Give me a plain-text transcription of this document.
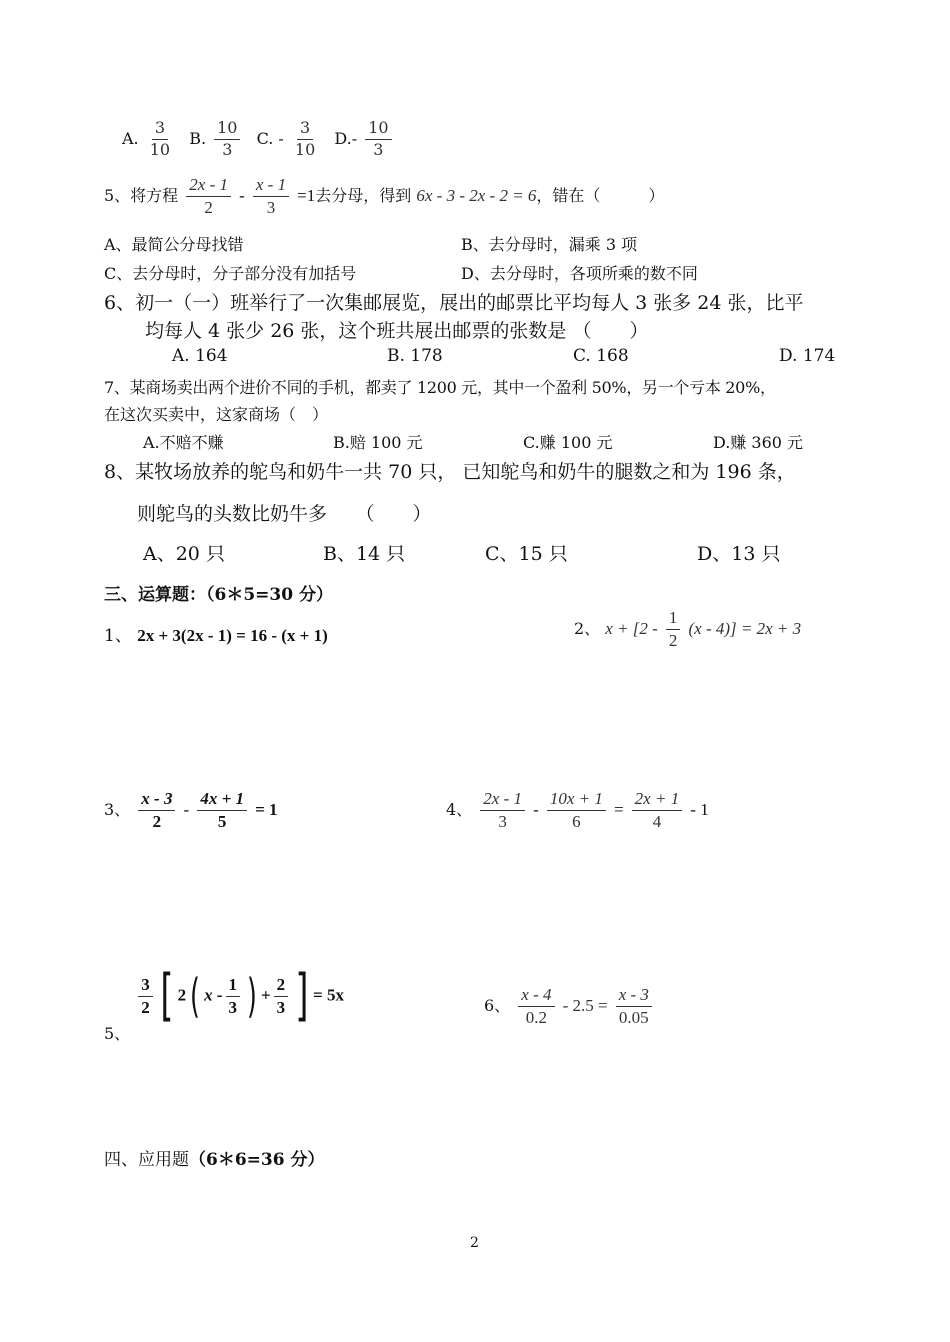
A. $\frac{3}{10} B$. $\frac{10}{3} C$. - $\frac{3}{10} D.- \frac{10}{3}$
5、将方程 $\frac{2x - 1}{2} - \frac{x - 1}{3} =1$去分母，得到 6x - 3 - 2x - 2 = 6，错在（　　　）
A、最简公分母找错	B、去分母时，漏乘 3 项
C、去分母时，分子部分没有加括号	D、去分母时，各项所乘的数不同
6、初一（一）班举行了一次集邮展览，展出的邮票比平均每人 3 张多 24 张，比平
均每人 4 张少 26 张，这个班共展出邮票的张数是 （　　）
A. 164	B. 178	C. 168	D. 174
7、某商场卖出两个进价不同的手机，都卖了 1200 元，其中一个盈利 50%，另一个亏本 20%，
在这次买卖中，这家商场（　）
A.不赔不赚	B.赔 100 元	C.赚 100 元	D.赚 360 元
8、某牧场放养的鸵鸟和奶牛一共 70 只， 已知鸵鸟和奶牛的腿数之和为 196 条，
则鸵鸟的头数比奶牛多　　（　　）
A、20 只	B、14 只	C、15 只	D、13 只
三、运算题：（6＊5=30 分）
1、 2x + 3(2x - 1) = 16 - (x + 1)	2、 $x + [2 - \frac{1}{2} (x - 4)] = 2x + 3$
3、 $\frac{x - 3}{2} - \frac{4x + 1}{5} = 1$	4、 $\frac{2x - 1}{3} - \frac{10x + 1}{6} = \frac{2x + 1}{4} - 1$
5、
$\frac{3}{2}$ [ 2( x - $\frac{1}{3}$ ) + $\frac{2}{3}$ ] = 5x
6、 $\frac{x - 4}{0.2} - 2.5 = \frac{x - 3}{0.05}$
四、应用题（6＊6=36 分）
2
